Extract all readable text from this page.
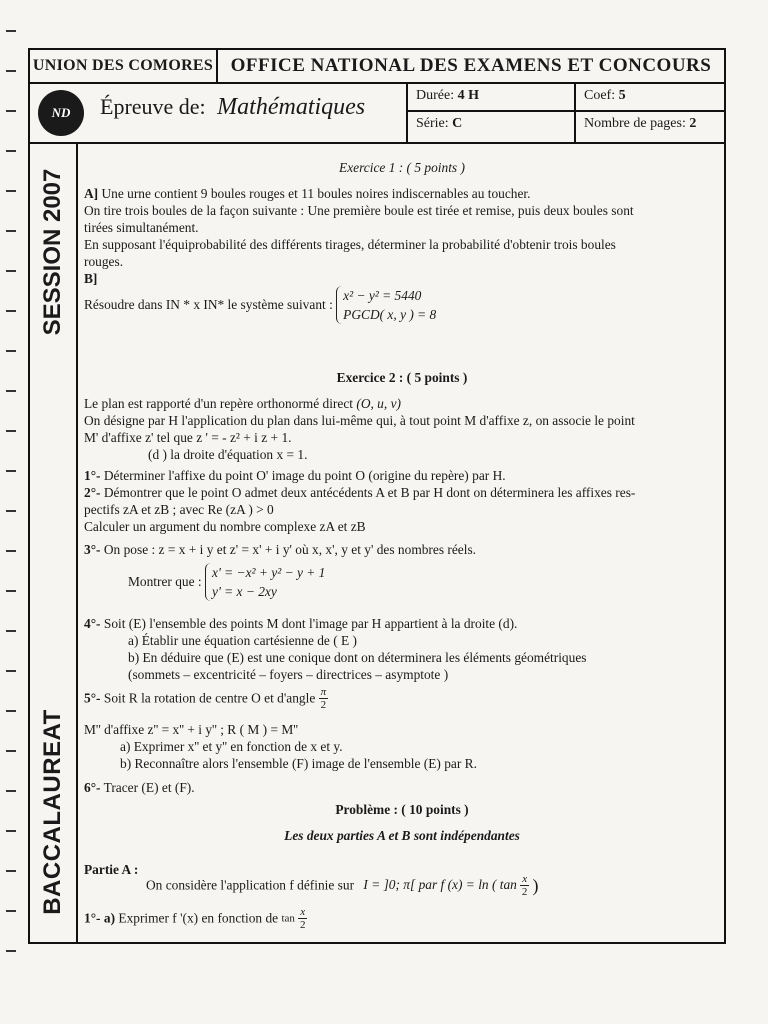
UNION DES COMORES OFFICE NATIONAL DES EXAMENS ET CONCOURS
ND	Épreuve de: Mathématiques	Durée: 4 H
Série: C
Coef: 5
Nombre de pages: 2
SESSION 2007
BACCALAUREAT
Exercice 1 : ( 5 points )
A] Une urne contient 9 boules rouges et 11 boules noires indiscernables au toucher.
On tire trois boules de la façon suivante : Une première boule est tirée et remise, puis deux boules sont
tirées simultanément.
En supposant l'équiprobabilité des différents tirages, déterminer la probabilité d'obtenir trois boules
rouges.
B]
Résoudre dans IN * x IN* le système suivant : x² − y² = 5440
PGCD( x, y ) = 8
Exercice 2 : ( 5 points )
Le plan est rapporté d'un repère orthonormé direct (O, u, v)
On désigne par H l'application du plan dans lui-même qui, à tout point M d'affixe z, on associe le point
M' d'affixe z' tel que z ' = - z² + i z + 1.
(d ) la droite d'équation x = 1.
1°- Déterminer l'affixe du point O' image du point O (origine du repère) par H.
2°- Démontrer que le point O admet deux antécédents A et B par H dont on déterminera les affixes res-
pectifs zA et zB ; avec Re (zA ) > 0
Calculer un argument du nombre complexe zA et zB
3°- On pose : z = x + i y et z' = x' + i y' où x, x', y et y' des nombres réels.
Montrer que : x' = −x² + y² − y + 1
y' = x − 2xy
4°- Soit (E) l'ensemble des points M dont l'image par H appartient à la droite (d).
a) Établir une équation cartésienne de ( E )
b) En déduire que (E) est une conique dont on déterminera les éléments géométriques
(sommets – excentricité – foyers – directrices – asymptote )
5°- Soit R la rotation de centre O et d'angle $\frac{\pi}{2}$
M'' d'affixe z'' = x'' + i y'' ; R ( M ) = M''
a) Exprimer x'' et y'' en fonction de x et y.
b) Reconnaître alors l'ensemble (F) image de l'ensemble (E) par R.
6°- Tracer (E) et (F).
Problème : ( 10 points )
Les deux parties A et B sont indépendantes
Partie A :
On considère l'application f définie sur I = ]0; π[ par f (x) = ln ( $\tan \frac{x}{2}$ )
1°- a) Exprimer f '(x) en fonction de $\tan \frac{x}{2}$
